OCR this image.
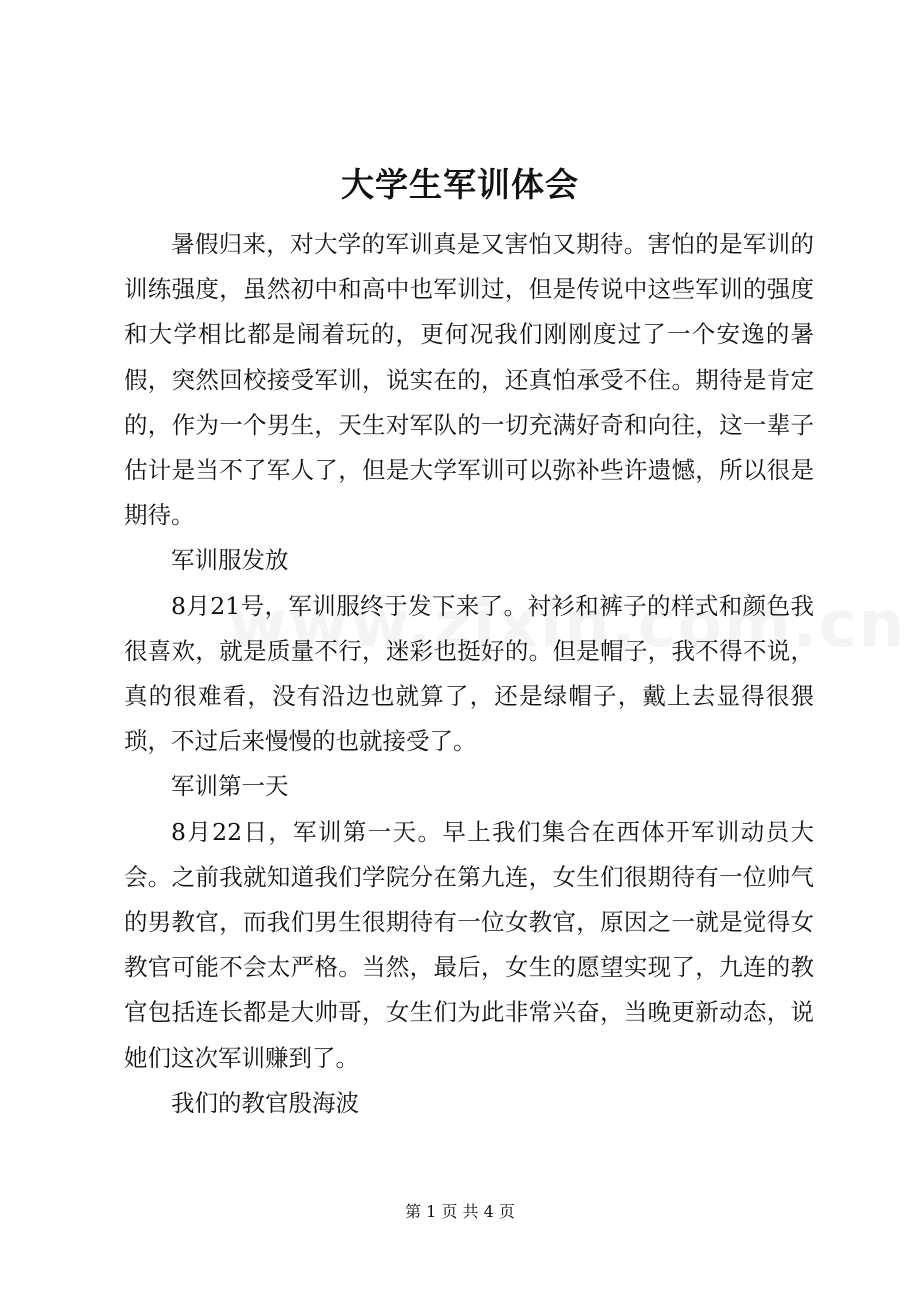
大学生军训体会

暑假归来，对大学的军训真是又害怕又期待。害怕的是军训的训练强度，虽然初中和高中也军训过，但是传说中这些军训的强度和大学相比都是闹着玩的，更何况我们刚刚度过了一个安逸的暑假，突然回校接受军训，说实在的，还真怕承受不住。期待是肯定的，作为一个男生，天生对军队的一切充满好奇和向往，这一辈子估计是当不了军人了，但是大学军训可以弥补些许遗憾，所以很是期待。

军训服发放

8月21号，军训服终于发下来了。衬衫和裤子的样式和颜色我很喜欢，就是质量不行，迷彩也挺好的。但是帽子，我不得不说，真的很难看，没有沿边也就算了，还是绿帽子，戴上去显得很猥琐，不过后来慢慢的也就接受了。

军训第一天

8月22日，军训第一天。早上我们集合在西体开军训动员大会。之前我就知道我们学院分在第九连，女生们很期待有一位帅气的男教官，而我们男生很期待有一位女教官，原因之一就是觉得女教官可能不会太严格。当然，最后，女生的愿望实现了，九连的教官包括连长都是大帅哥，女生们为此非常兴奋，当晚更新动态，说她们这次军训赚到了。

我们的教官殷海波

第 1 页 共 4 页
